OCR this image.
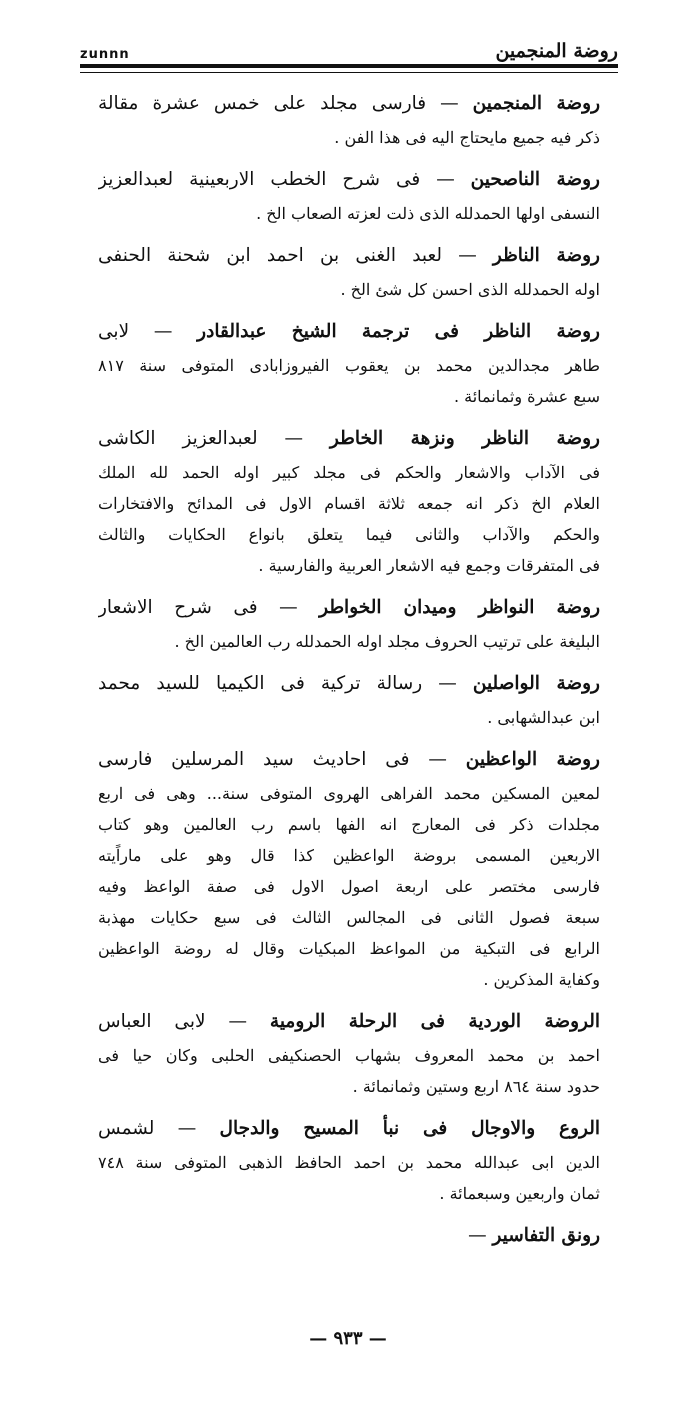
zunnn	روضة المنجمين
روضة المنجمين — فارسى مجلد على خمس عشرة مقالة
ذكر فيه جميع مايحتاج اليه فى هذا الفن .
روضة الناصحين — فى شرح الخطب الاربعينية لعبدالعزيز
النسفى اولها الحمدلله الذى ذلت لعزته الصعاب الخ .
روضة الناظر — لعبد الغنى بن احمد ابن شحنة الحنفى
اوله الحمدلله الذى احسن كل شئ الخ .
روضة الناظر فى ترجمة الشيخ عبدالقادر — لابى
طاهر مجدالدين محمد بن يعقوب الفيروزابادى المتوفى سنة ٨١٧
سبع عشرة وثمانمائة .
روضة الناظر ونزهة الخاطر — لعبدالعزيز الكاشى
فى الآداب والاشعار والحكم فى مجلد كبير اوله الحمد لله الملك
العلام الخ ذكر انه جمعه ثلاثة اقسام الاول فى المدائح والافتخارات
والحكم والآداب والثانى فيما يتعلق بانواع الحكايات والثالث
فى المتفرقات وجمع فيه الاشعار العربية والفارسية .
روضة النواظر وميدان الخواطر — فى شرح الاشعار
البليغة على ترتيب الحروف مجلد اوله الحمدلله رب العالمين الخ .
روضة الواصلين — رسالة تركية فى الكيميا للسيد محمد
ابن عبدالشهابى .
روضة الواعظين — فى احاديث سيد المرسلين فارسى
لمعين المسكين محمد الفراهى الهروى المتوفى سنة... وهى فى اربع
مجلدات ذكر فى المعارج انه الفها باسم رب العالمين وهو كتاب
الاربعين المسمى بروضة الواعظين كذا قال وهو على ماراًيته
فارسى مختصر على اربعة اصول الاول فى صفة الواعظ وفيه
سبعة فصول الثانى فى المجالس الثالث فى سبع حكايات مهذبة
الرابع فى التبكية من المواعظ المبكيات وقال له روضة الواعظين
وكفاية المذكرين .
الروضة الوردية فى الرحلة الرومية — لابى العباس
احمد بن محمد المعروف بشهاب الحصنكيفى الحلبى وكان حيا فى
حدود سنة ٨٦٤ اربع وستين وثمانمائة .
الروع والاوجال فى نبأ المسيح والدجال — لشمس
الدين ابى عبدالله محمد بن احمد الحافظ الذهبى المتوفى سنة ٧٤٨
ثمان واربعين وسبعمائة .
رونق التفاسير —
— ٩٣٣ —
